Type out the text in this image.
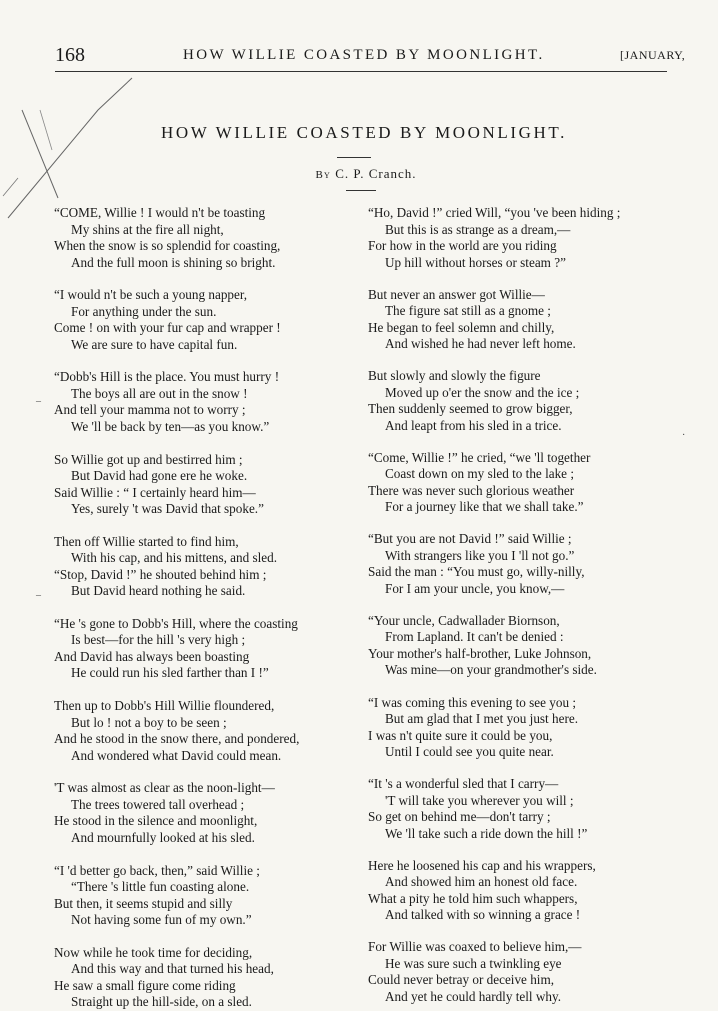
168	HOW WILLIE COASTED BY MOONLIGHT.	[JANUARY,
HOW WILLIE COASTED BY MOONLIGHT.
By C. P. Cranch.
“COME, Willie ! I would n't be toasting
My shins at the fire all night,
When the snow is so splendid for coasting,
And the full moon is shining so bright.
“I would n't be such a young napper,
For anything under the sun.
Come ! on with your fur cap and wrapper !
We are sure to have capital fun.
“Dobb's Hill is the place. You must hurry !
The boys all are out in the snow !
And tell your mamma not to worry ;
We 'll be back by ten—as you know.”
So Willie got up and bestirred him ;
But David had gone ere he woke.
Said Willie : “ I certainly heard him—
Yes, surely 't was David that spoke.”
Then off Willie started to find him,
With his cap, and his mittens, and sled.
“Stop, David !” he shouted behind him ;
But David heard nothing he said.
“He 's gone to Dobb's Hill, where the coasting
Is best—for the hill 's very high ;
And David has always been boasting
He could run his sled farther than I !”
Then up to Dobb's Hill Willie floundered,
But lo ! not a boy to be seen ;
And he stood in the snow there, and pondered,
And wondered what David could mean.
'T was almost as clear as the noon-light—
The trees towered tall overhead ;
He stood in the silence and moonlight,
And mournfully looked at his sled.
“I 'd better go back, then,” said Willie ;
“There 's little fun coasting alone.
But then, it seems stupid and silly
Not having some fun of my own.”
Now while he took time for deciding,
And this way and that turned his head,
He saw a small figure come riding
Straight up the hill-side, on a sled.
“Ho, David !” cried Will, “you 've been hiding ;
But this is as strange as a dream,—
For how in the world are you riding
Up hill without horses or steam ?”
But never an answer got Willie—
The figure sat still as a gnome ;
He began to feel solemn and chilly,
And wished he had never left home.
But slowly and slowly the figure
Moved up o'er the snow and the ice ;
Then suddenly seemed to grow bigger,
And leapt from his sled in a trice.
“Come, Willie !” he cried, “we 'll together
Coast down on my sled to the lake ;
There was never such glorious weather
For a journey like that we shall take.”
“But you are not David !” said Willie ;
With strangers like you I 'll not go.”
Said the man : “You must go, willy-nilly,
For I am your uncle, you know,—
“Your uncle, Cadwallader Biornson,
From Lapland. It can't be denied :
Your mother's half-brother, Luke Johnson,
Was mine—on your grandmother's side.
“I was coming this evening to see you ;
But am glad that I met you just here.
I was n't quite sure it could be you,
Until I could see you quite near.
“It 's a wonderful sled that I carry—
'T will take you wherever you will ;
So get on behind me—don't tarry ;
We 'll take such a ride down the hill !”
Here he loosened his cap and his wrappers,
And showed him an honest old face.
What a pity he told him such whappers,
And talked with so winning a grace !
For Willie was coaxed to believe him,—
He was sure such a twinkling eye
Could never betray or deceive him,
And yet he could hardly tell why.
–
–
·
